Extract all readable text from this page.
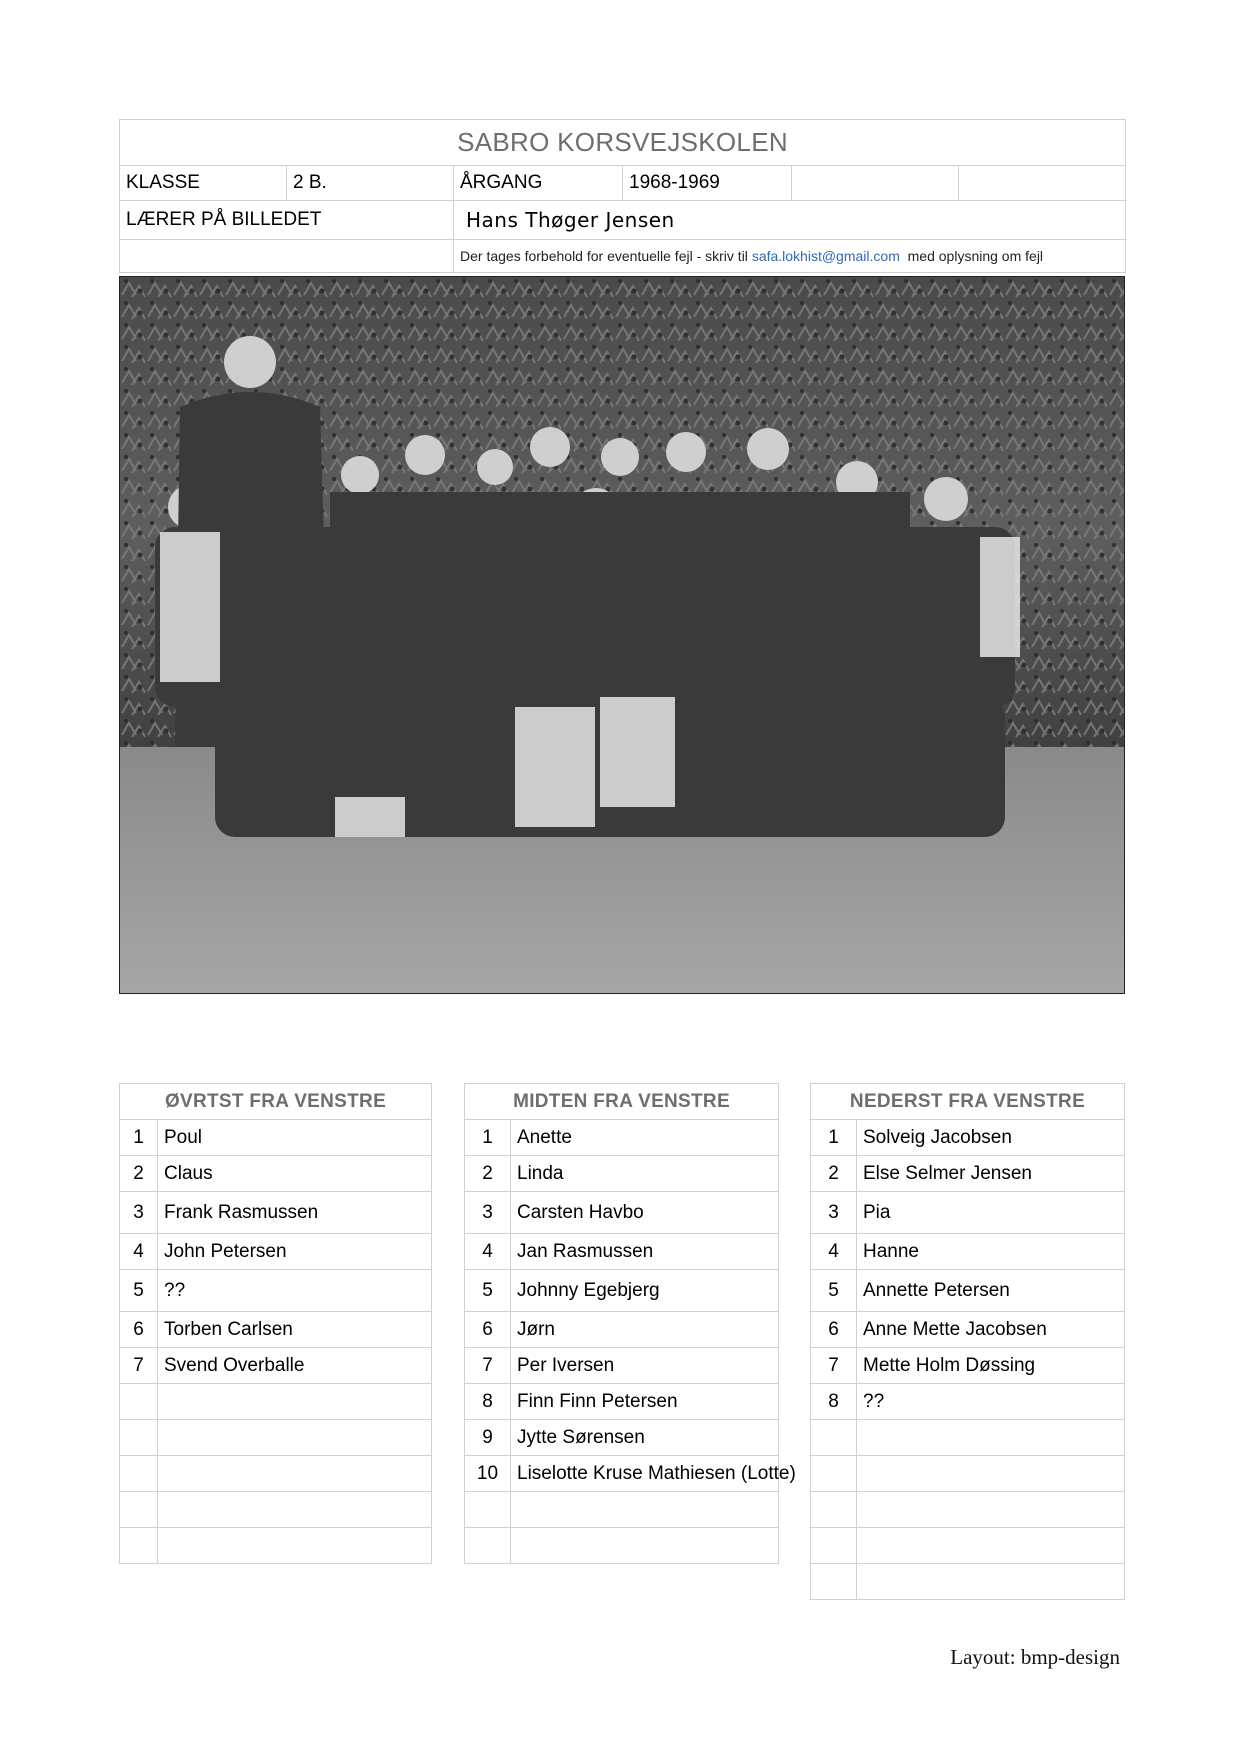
SABRO KORSVEJSKOLEN					
KLASSE	2 B.	ÅRGANG	1968-1969		
LÆRER PÅ BILLEDET		Hans Thøger Jensen			
		Der tages forbehold for eventuelle fejl - skriv til safa.lokhist@gmail.com med oplysning om fejl			
ØVRTST FRA VENSTRE	
1	Poul
2	Claus
3	Frank Rasmussen
4	John Petersen
5	??
6	Torben Carlsen
7	Svend Overballe

MIDTEN FRA VENSTRE	
1	Anette
2	Linda
3	Carsten Havbo
4	Jan Rasmussen
5	Johnny Egebjerg
6	Jørn
7	Per Iversen
8	Finn Finn Petersen
9	Jytte Sørensen
10	Liselotte Kruse Mathiesen (Lotte)

NEDERST FRA VENSTRE	
1	Solveig Jacobsen
2	Else Selmer Jensen
3	Pia
4	Hanne
5	Annette Petersen
6	Anne Mette Jacobsen
7	Mette Holm Døssing
8	??

Layout: bmp-design
